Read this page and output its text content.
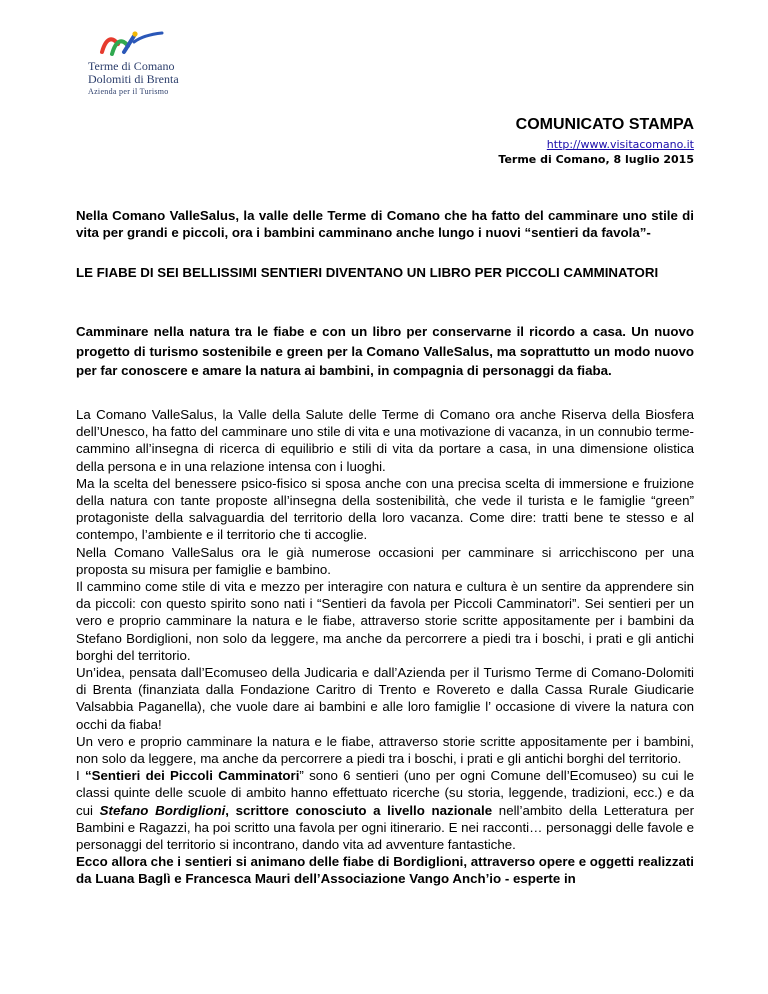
Terme di Comano
Dolomiti di Brenta
Azienda per il Turismo
COMUNICATO STAMPA
http://www.visitacomano.it
Terme di Comano, 8 luglio 2015
Nella Comano ValleSalus, la valle delle Terme di Comano che ha fatto del camminare uno stile di vita per grandi e piccoli, ora i bambini camminano anche lungo i nuovi “sentieri da favola”-
LE FIABE DI SEI BELLISSIMI SENTIERI DIVENTANO UN LIBRO PER PICCOLI CAMMINATORI
Camminare nella natura tra le fiabe e con un libro per conservarne il ricordo a casa. Un nuovo progetto di turismo sostenibile e green per la Comano ValleSalus, ma soprattutto un modo nuovo per far conoscere e amare la natura ai bambini, in compagnia di personaggi da fiaba.

La Comano ValleSalus, la Valle della Salute delle Terme di Comano ora anche Riserva della Biosfera dell’Unesco, ha fatto del camminare uno stile di vita e una motivazione di vacanza, in un connubio terme-cammino all’insegna di ricerca di equilibrio e stili di vita da portare a casa, in una dimensione olistica della persona e in una relazione intensa con i luoghi.

Ma la scelta del benessere psico-fisico si sposa anche con una precisa scelta di immersione e fruizione della natura con tante proposte all’insegna della sostenibilità, che vede il turista e le famiglie “green” protagoniste della salvaguardia del territorio della loro vacanza. Come dire: tratti bene te stesso e al contempo, l’ambiente e il territorio che ti accoglie.

Nella Comano ValleSalus ora le già numerose occasioni per camminare si arricchiscono per una proposta su misura per famiglie e bambino.

Il cammino come stile di vita e mezzo per interagire con natura e cultura è un sentire da apprendere sin da piccoli: con questo spirito sono nati i “Sentieri da favola per Piccoli Camminatori”. Sei sentieri per un vero e proprio camminare la natura e le fiabe, attraverso storie scritte appositamente per i bambini da Stefano Bordiglioni, non solo da leggere, ma anche da percorrere a piedi tra i boschi, i prati e gli antichi borghi del territorio.

Un’idea, pensata dall’Ecomuseo della Judicaria e dall’Azienda per il Turismo Terme di Comano-Dolomiti di Brenta (finanziata dalla Fondazione Caritro di Trento e Rovereto e dalla Cassa Rurale Giudicarie Valsabbia Paganella), che vuole dare ai bambini e alle loro famiglie l’ occasione di vivere la natura con occhi da fiaba!

Un vero e proprio camminare la natura e le fiabe, attraverso storie scritte appositamente per i bambini, non solo da leggere, ma anche da percorrere a piedi tra i boschi, i prati e gli antichi borghi del territorio.

I “Sentieri dei Piccoli Camminatori” sono 6 sentieri (uno per ogni Comune dell’Ecomuseo) su cui le classi quinte delle scuole di ambito hanno effettuato ricerche (su storia, leggende, tradizioni, ecc.) e da cui Stefano Bordiglioni, scrittore conosciuto a livello nazionale nell’ambito della Letteratura per Bambini e Ragazzi, ha poi scritto una favola per ogni itinerario. E nei racconti… personaggi delle favole e personaggi del territorio si incontrano, dando vita ad avventure fantastiche.

Ecco allora che i sentieri si animano delle fiabe di Bordiglioni, attraverso opere e oggetti realizzati da Luana Baglì e Francesca Mauri dell’Associazione Vango Anch’io - esperte in
